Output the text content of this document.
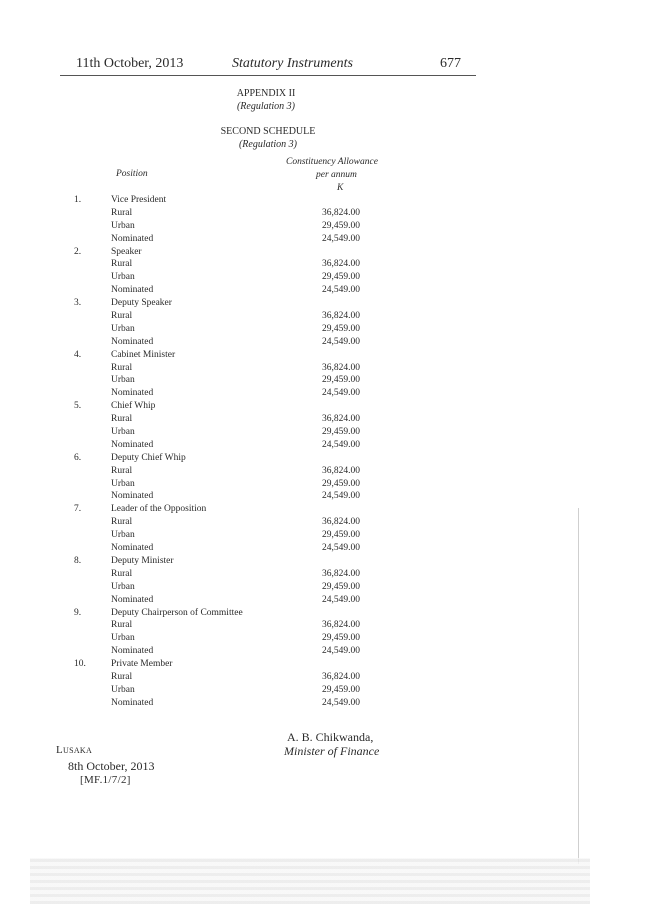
11th October, 2013	Statutory Instruments	677
APPENDIX II
(Regulation 3)
SECOND SCHEDULE
(Regulation 3)
Position
Constituency Allowance
per annum
K
1.	Vice President
Rural	36,824.00
Urban	29,459.00
Nominated	24,549.00
2.	Speaker
Rural	36,824.00
Urban	29,459.00
Nominated	24,549.00
3.	Deputy Speaker
Rural	36,824.00
Urban	29,459.00
Nominated	24,549.00
4.	Cabinet Minister
Rural	36,824.00
Urban	29,459.00
Nominated	24,549.00
5.	Chief Whip
Rural	36,824.00
Urban	29,459.00
Nominated	24,549.00
6.	Deputy Chief Whip
Rural	36,824.00
Urban	29,459.00
Nominated	24,549.00
7.	Leader of the Opposition
Rural	36,824.00
Urban	29,459.00
Nominated	24,549.00
8.	Deputy Minister
Rural	36,824.00
Urban	29,459.00
Nominated	24,549.00
9.	Deputy Chairperson of Committee
Rural	36,824.00
Urban	29,459.00
Nominated	24,549.00
10.	Private Member
Rural	36,824.00
Urban	29,459.00
Nominated	24,549.00
A. B. Chikwanda,
Minister of Finance
Lusaka
8th October, 2013
[MF.1/7/2]
